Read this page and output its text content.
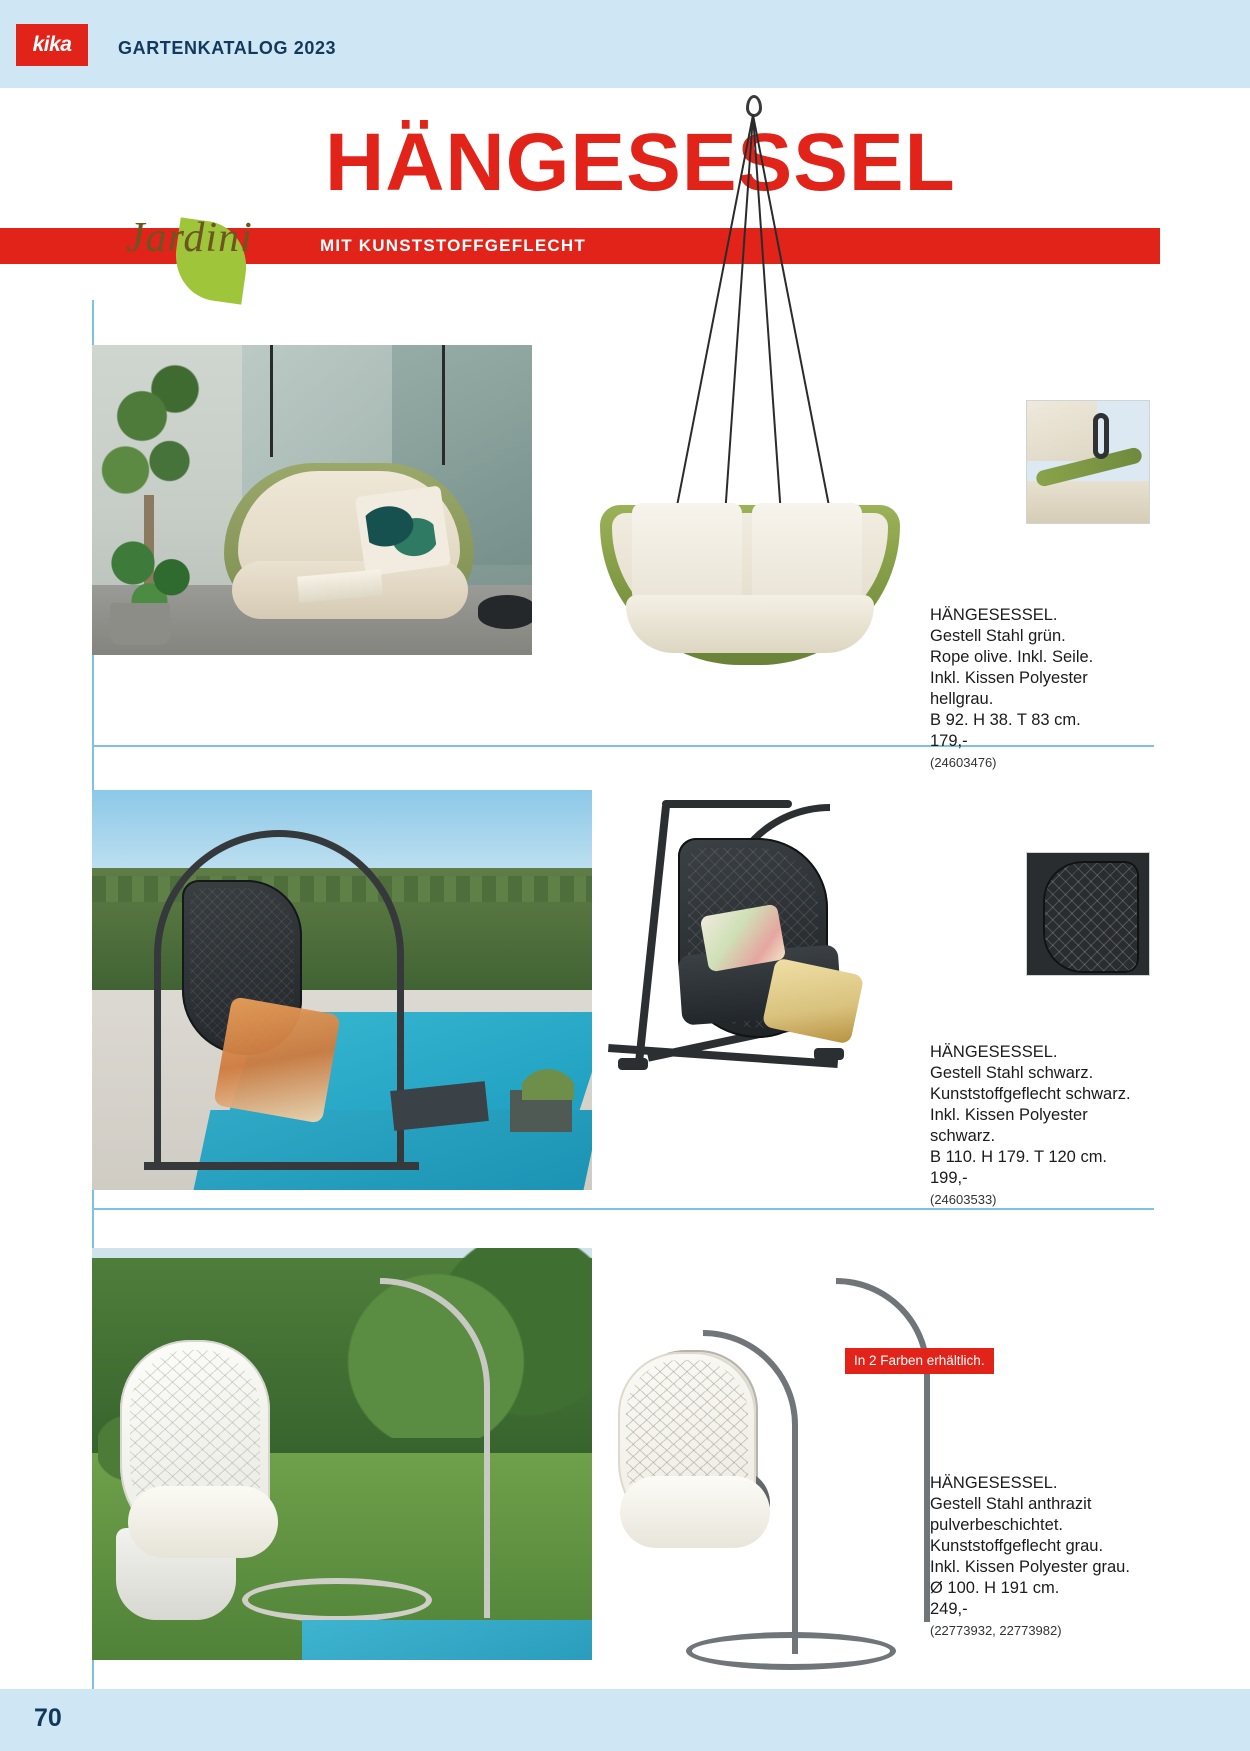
kika	GARTENKATALOG 2023
HÄNGESESSEL
MIT KUNSTSTOFFGEFLECHT
Jardini
HÄNGESESSEL.
Gestell Stahl grün.
Rope olive. Inkl. Seile.
Inkl. Kissen Polyester
hellgrau.
B 92. H 38. T 83 cm.
179,-
(24603476)
HÄNGESESSEL.
Gestell Stahl schwarz.
Kunststoffgeflecht schwarz.
Inkl. Kissen Polyester
schwarz.
B 110. H 179. T 120 cm.
199,-
(24603533)
In 2 Farben erhältlich.
HÄNGESESSEL.
Gestell Stahl anthrazit
pulverbeschichtet.
Kunststoffgeflecht grau.
Inkl. Kissen Polyester grau.
Ø 100. H 191 cm.
249,-
(22773932, 22773982)
70
